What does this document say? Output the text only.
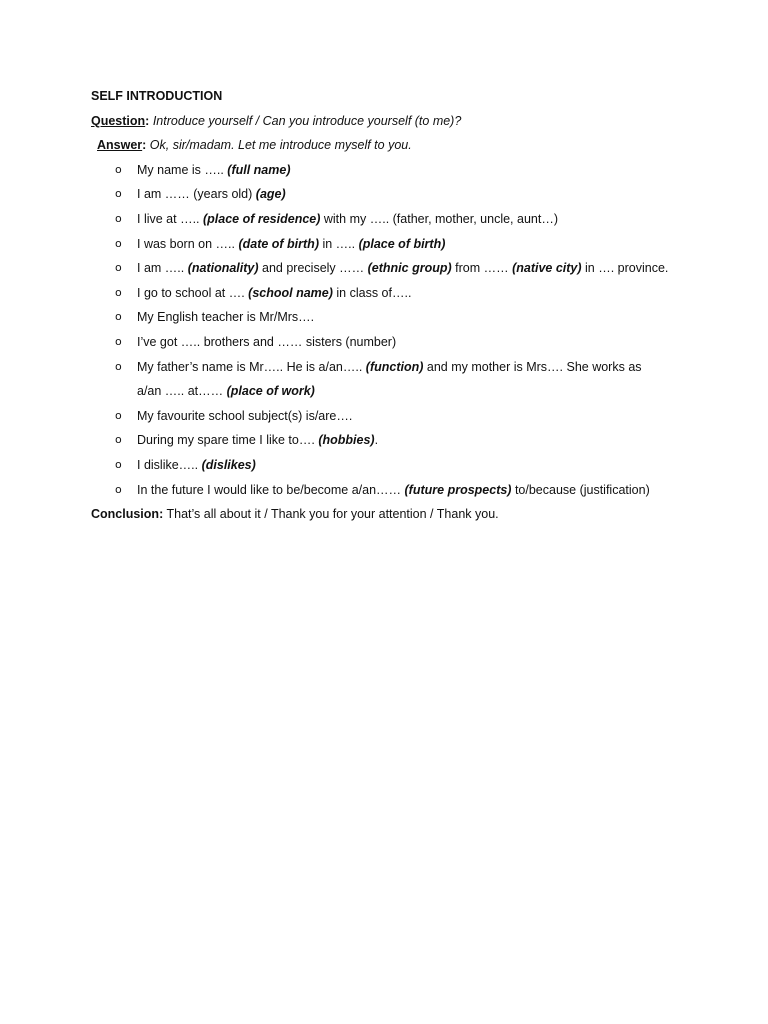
SELF INTRODUCTION
Question: Introduce yourself / Can you introduce yourself (to me)?
Answer: Ok, sir/madam. Let me introduce myself to you.
o My name is ….. (full name)
o I am …… (years old) (age)
o I live at ….. (place of residence) with my ….. (father, mother, uncle, aunt…)
o I was born on ….. (date of birth) in ….. (place of birth)
o I am ….. (nationality) and precisely …… (ethnic group) from …… (native city) in …. province.
o I go to school at …. (school name) in class of…..
o My English teacher is Mr/Mrs….
o I’ve got ….. brothers and …… sisters (number)
o My father’s name is Mr….. He is a/an….. (function) and my mother is Mrs…. She works as
a/an ….. at…… (place of work)
o My favourite school subject(s) is/are….
o During my spare time I like to…. (hobbies).
o I dislike….. (dislikes)
o In the future I would like to be/become a/an…… (future prospects) to/because (justification)
Conclusion: That’s all about it / Thank you for your attention / Thank you.
